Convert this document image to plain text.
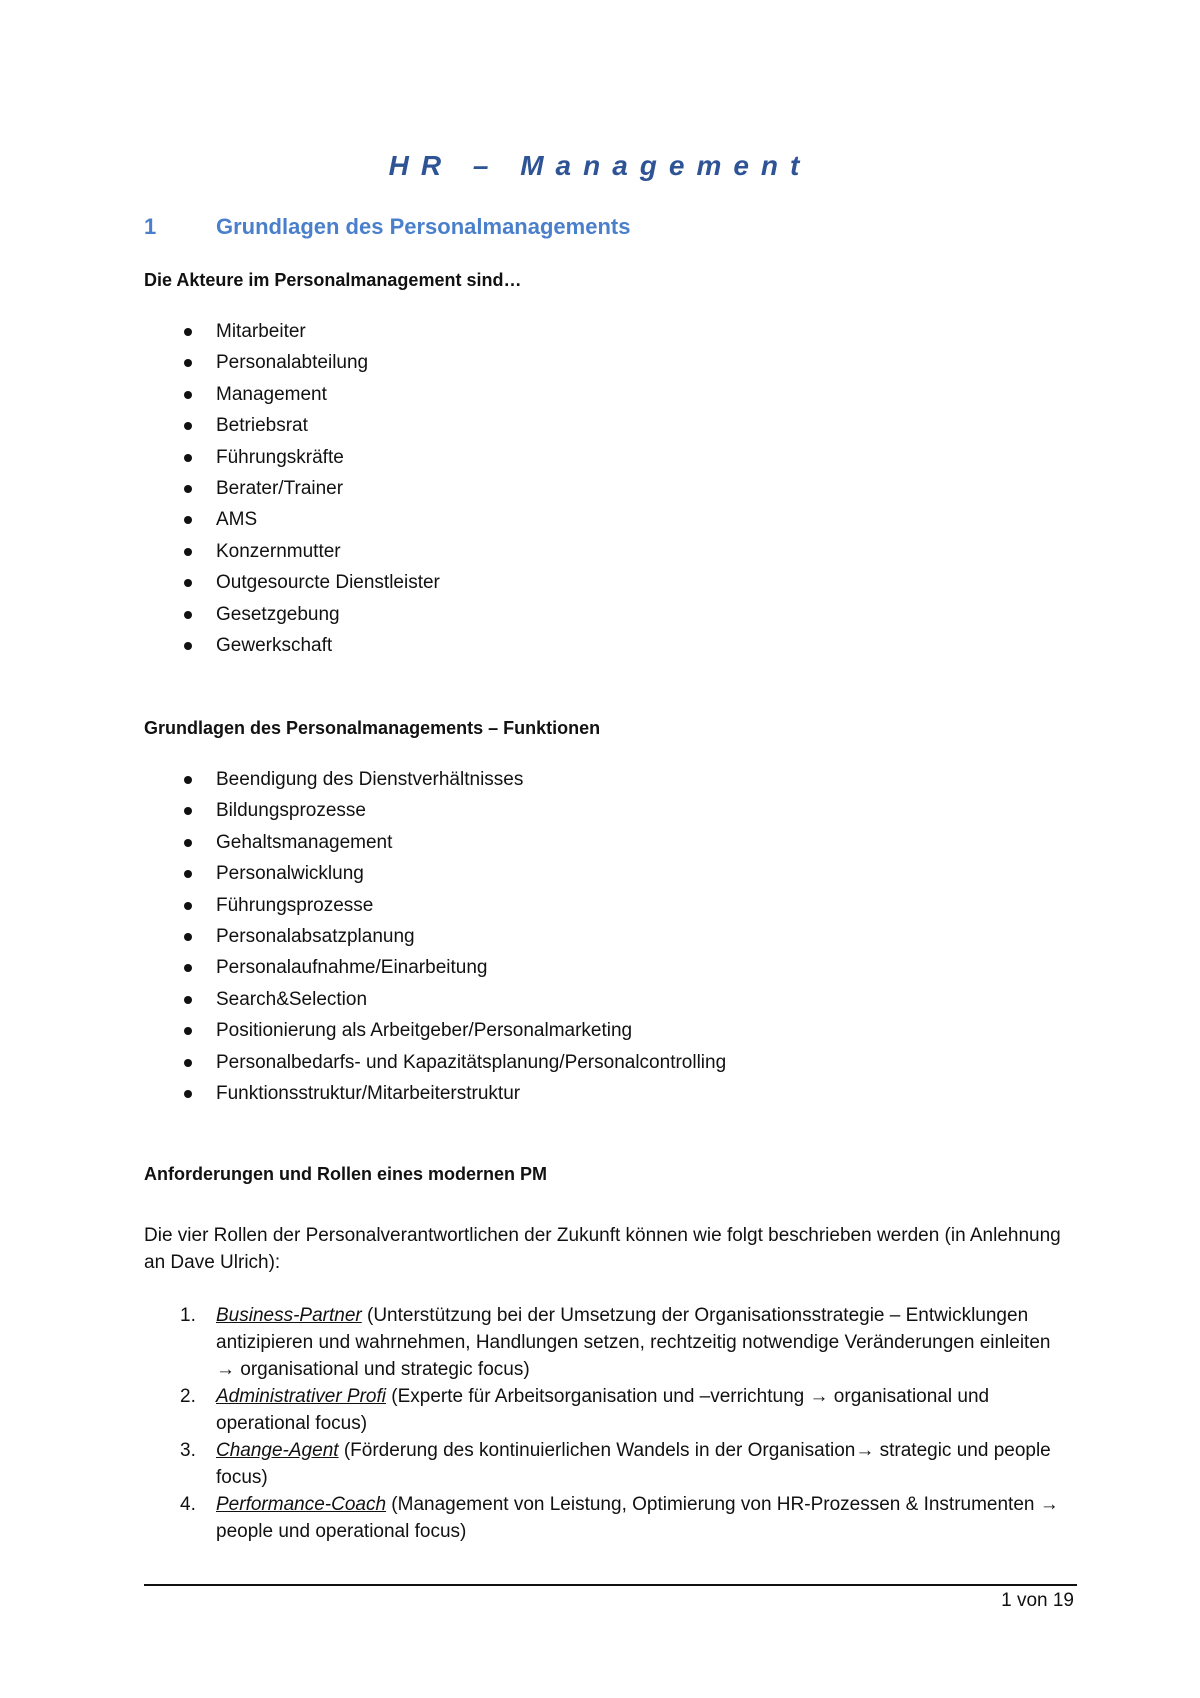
HR – Management
1	Grundlagen des Personalmanagements
Die Akteure im Personalmanagement sind…
Mitarbeiter
Personalabteilung
Management
Betriebsrat
Führungskräfte
Berater/Trainer
AMS
Konzernmutter
Outgesourcte Dienstleister
Gesetzgebung
Gewerkschaft
Grundlagen des Personalmanagements – Funktionen
Beendigung des Dienstverhältnisses
Bildungsprozesse
Gehaltsmanagement
Personalwicklung
Führungsprozesse
Personalabsatzplanung
Personalaufnahme/Einarbeitung
Search&Selection
Positionierung als Arbeitgeber/Personalmarketing
Personalbedarfs- und Kapazitätsplanung/Personalcontrolling
Funktionsstruktur/Mitarbeiterstruktur
Anforderungen und Rollen eines modernen PM
Die vier Rollen der Personalverantwortlichen der Zukunft können wie folgt beschrieben werden (in Anlehnung an Dave Ulrich):
1. Business-Partner (Unterstützung bei der Umsetzung der Organisationsstrategie – Entwicklungen antizipieren und wahrnehmen, Handlungen setzen, rechtzeitig notwendige Veränderungen einleiten → organisational und strategic focus)
2. Administrativer Profi (Experte für Arbeitsorganisation und –verrichtung → organisational und operational focus)
3. Change-Agent (Förderung des kontinuierlichen Wandels in der Organisation→ strategic und people focus)
4. Performance-Coach (Management von Leistung, Optimierung von HR-Prozessen & Instrumenten → people und operational focus)
1 von 19
